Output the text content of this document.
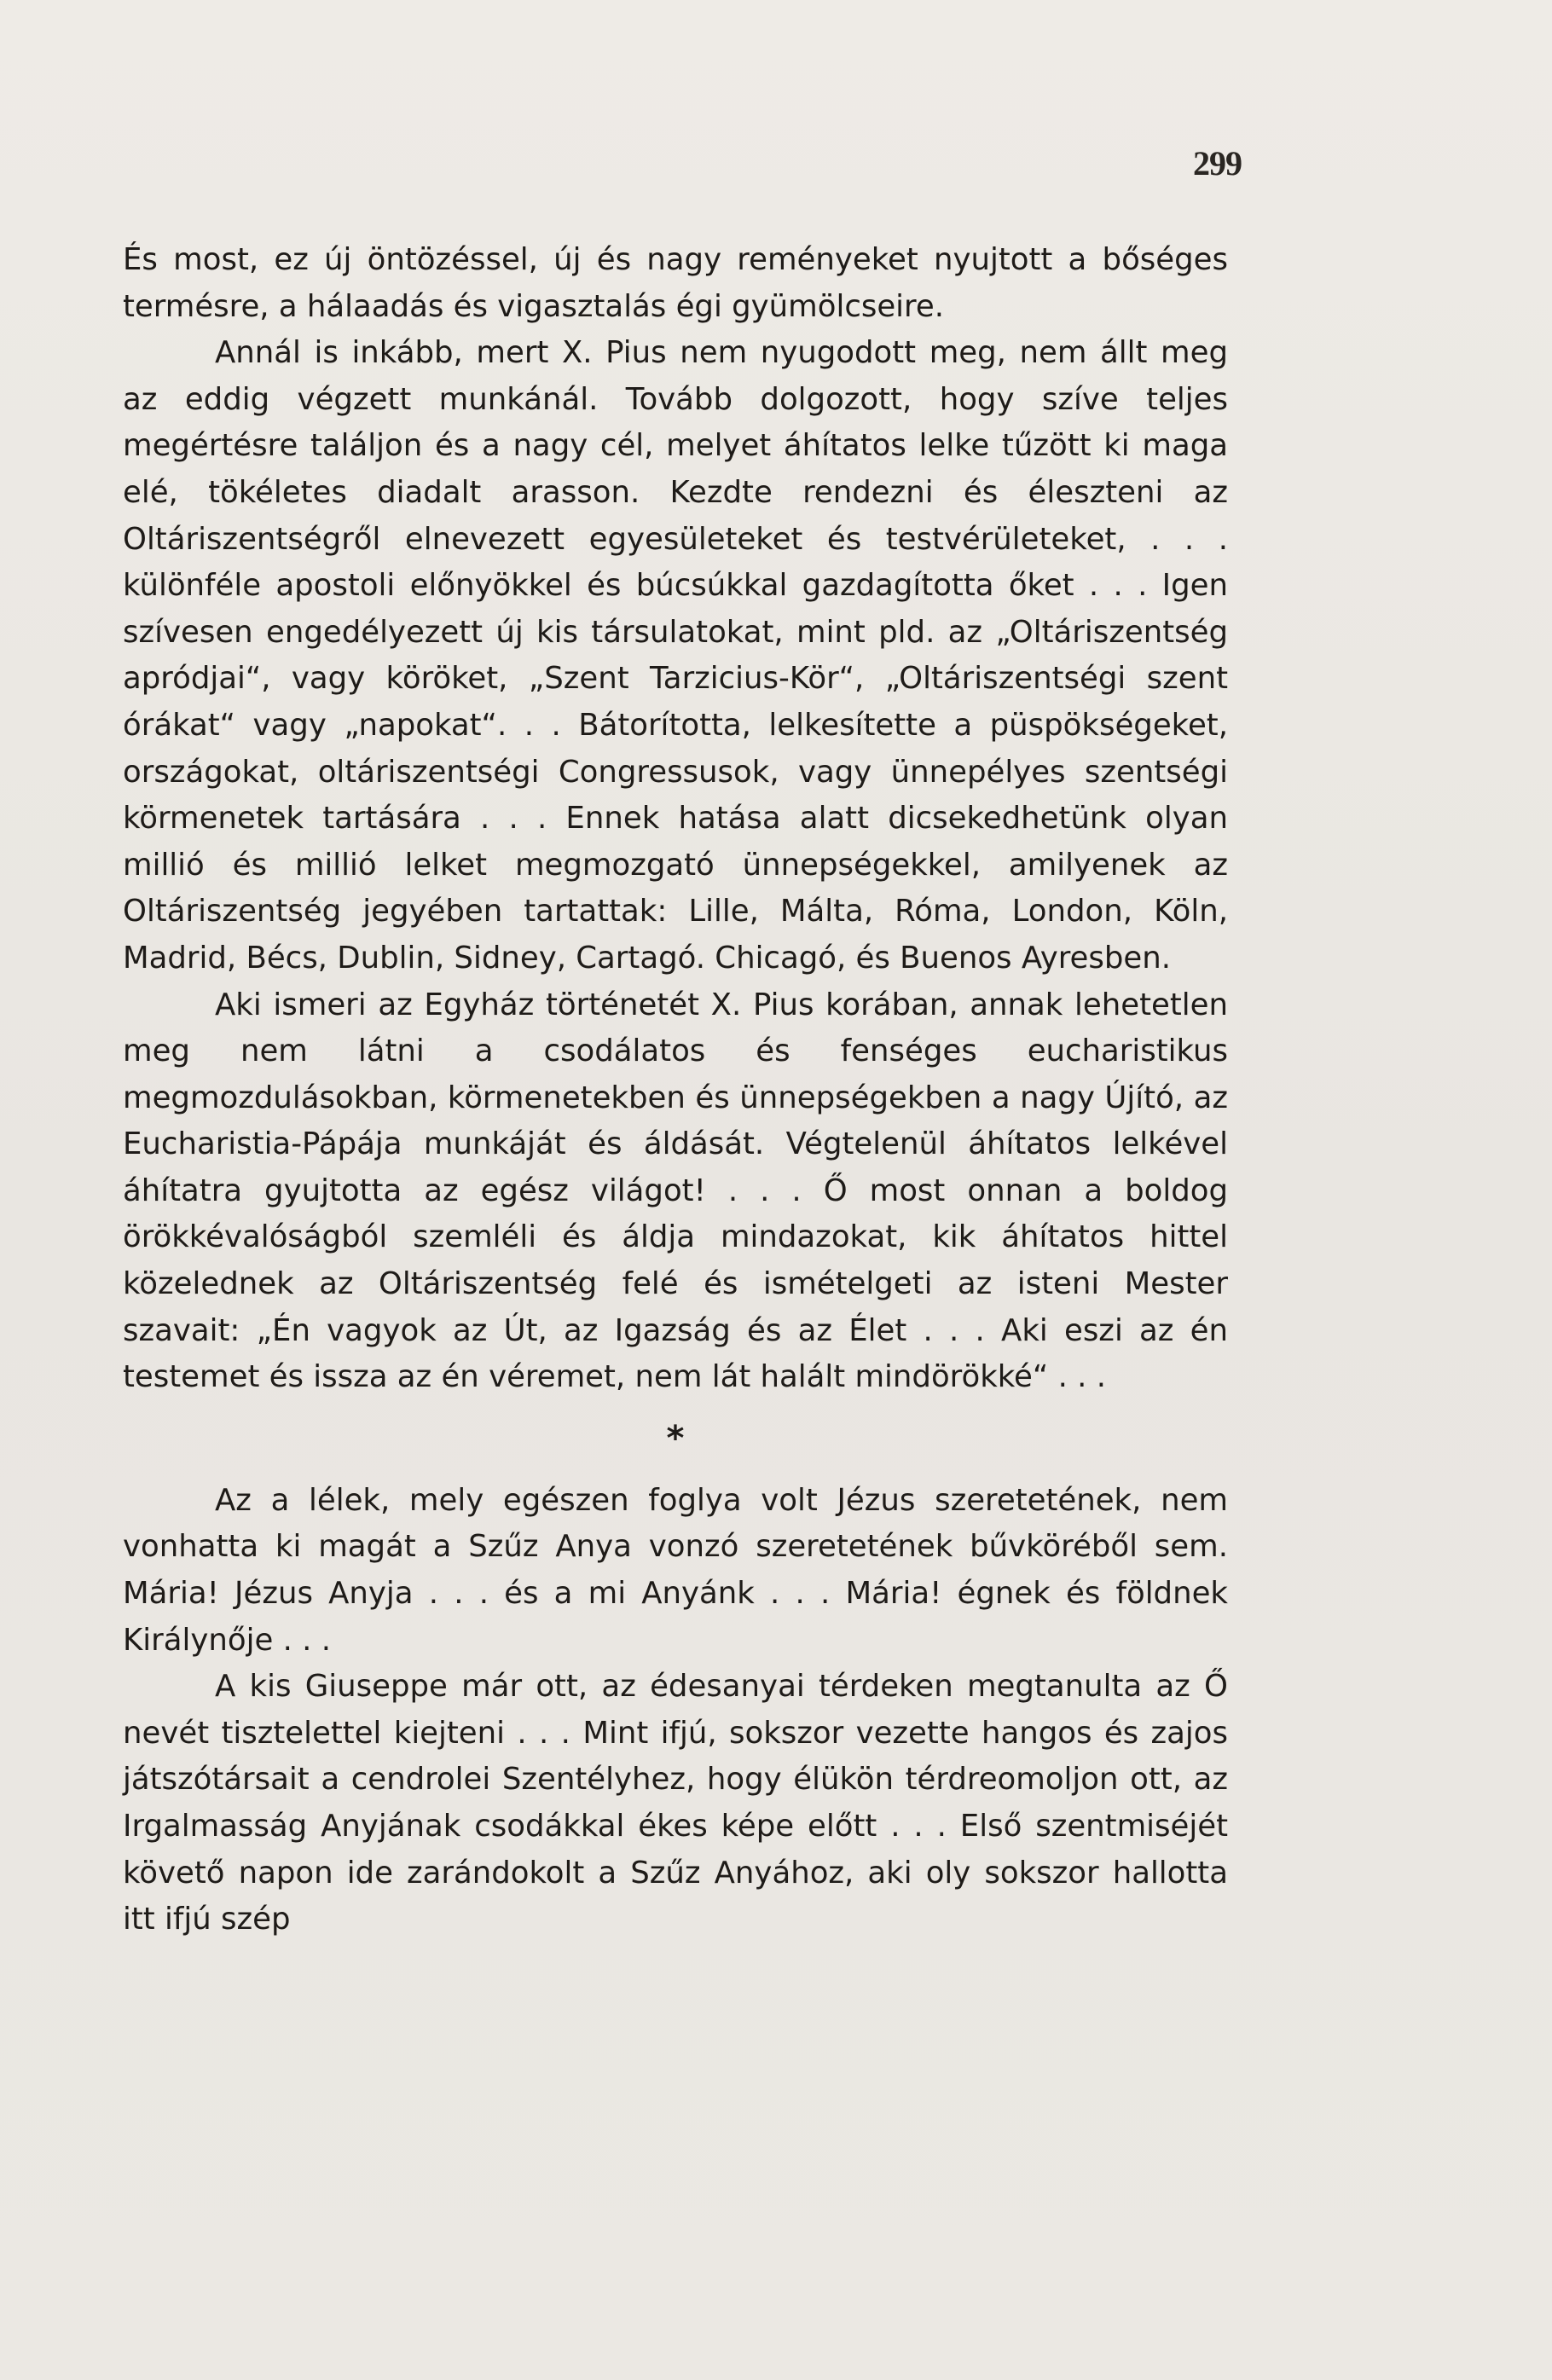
299

És most, ez új öntözéssel, új és nagy reményeket nyujtott a bőséges termésre, a hálaadás és vigasztalás égi gyümölcseire.

Annál is inkább, mert X. Pius nem nyugodott meg, nem állt meg az eddig végzett munkánál. Tovább dolgozott, hogy szíve teljes megértésre találjon és a nagy cél, melyet áhítatos lelke tűzött ki maga elé, tökéletes diadalt arasson. Kezdte rendezni és éleszteni az Oltáriszentségről elnevezett egyesületeket és testvérületeket, . . . különféle apostoli előnyökkel és búcsúkkal gazdagította őket . . . Igen szívesen engedélyezett új kis társulatokat, mint pld. az „Oltáriszentség apródjai“, vagy köröket, „Szent Tarzicius-Kör“, „Oltáriszentségi szent órákat“ vagy „napokat“. . . Bátorította, lelkesítette a püspökségeket, országokat, oltáriszentségi Congressusok, vagy ünnepélyes szentségi körmenetek tartására . . . Ennek hatása alatt dicsekedhetünk olyan millió és millió lelket megmozgató ünnepségekkel, amilyenek az Oltáriszentség jegyében tartattak: Lille, Málta, Róma, London, Köln, Madrid, Bécs, Dublin, Sidney, Cartagó. Chicagó, és Buenos Ayresben.

Aki ismeri az Egyház történetét X. Pius korában, annak lehetetlen meg nem látni a csodálatos és fenséges eucharistikus megmozdulásokban, körmenetekben és ünnepségekben a nagy Újító, az Eucharistia-Pápája munkáját és áldását. Végtelenül áhítatos lelkével áhítatra gyujtotta az egész világot! . . . Ő most onnan a boldog örökkévalóságból szemléli és áldja mindazokat, kik áhítatos hittel közelednek az Oltáriszentség felé és ismételgeti az isteni Mester szavait: „Én vagyok az Út, az Igazság és az Élet . . . Aki eszi az én testemet és issza az én véremet, nem lát halált mindörökké“ . . .

*

Az a lélek, mely egészen foglya volt Jézus szeretetének, nem vonhatta ki magát a Szűz Anya vonzó szeretetének bűvköréből sem. Mária! Jézus Anyja . . . és a mi Anyánk . . . Mária! égnek és földnek Királynője . . .

A kis Giuseppe már ott, az édesanyai térdeken megtanulta az Ő nevét tisztelettel kiejteni . . . Mint ifjú, sokszor vezette hangos és zajos játszótársait a cendrolei Szentélyhez, hogy élükön térdreomoljon ott, az Irgalmasság Anyjának csodákkal ékes képe előtt . . . Első szentmiséjét követő napon ide zarándokolt a Szűz Anyához, aki oly sokszor hallotta itt ifjú szép
